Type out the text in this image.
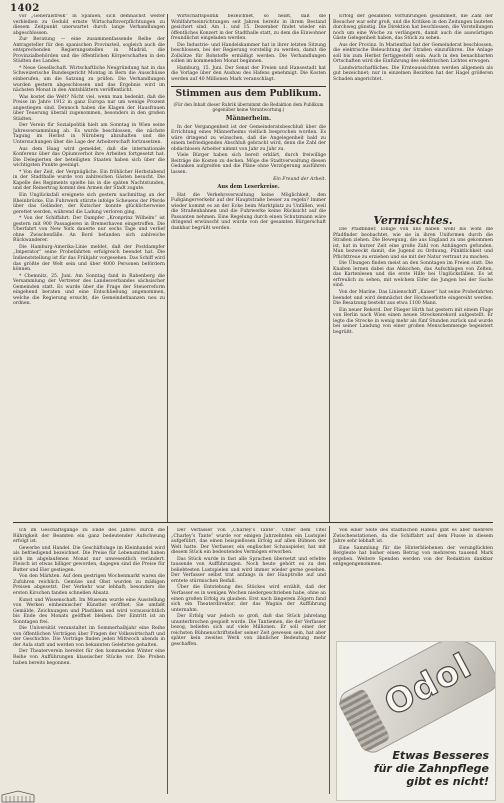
1402

vor „Generalstreik“ in Spanien, sich demnächst weiter verbleiben zu Geduld ernste Wirtschaftsverpflichtungen zu diesem Zeitpunkt unerwartet durch lange Verhandlungen abgeschlossen.

Zur Beratung — eine zusammenfassende Reihe der Antragsteller für den spanischen Provinzteil, sogleich auch die entsprechenden Regierungsstellen in Madrid, die Provinzialbehörden und die öffentlichen Körperschaften in den Städten des Landes.

* Neue Gesellschaft. Wirtschaftliche Neugründung hat in das Schweizerische Bundesgericht Montag in Bern die Ausschüsse einberufen, um die Satzung zu prüfen. Die Verhandlungen wurden gestern abgeschlossen und das Ergebnis wird im nächsten Monat in den Amtsblättern veröffentlicht.

Was kostet die Welt? Nicht viel, wenn man bedenkt, daß die Preise im Jahre 1912 in ganz Europa nur um wenige Prozent angestiegen sind. Dennoch haben die Klagen der Hausfrauen über Teuerung überall zugenommen, besonders in den großen Städten.

Der Verein für Sozialpolitik hielt am Sonntag in Wien seine Jahresversammlung ab. Es wurde beschlossen, die nächste Tagung im Herbst in Nürnberg abzuhalten und die Untersuchungen über die Lage der Arbeiterschaft fortzusetzen.

Aus dem Haag wird gemeldet, daß die internationale Konferenz über das Opiumverbot ihre Arbeiten fortgesetzt hat. Die Delegierten der beteiligten Staaten haben sich über die wichtigsten Punkte geeinigt.

* Von der Zeit, der Vergnügliche. Ein fröhlicher Herbstabend in der Stadthalle wurde von zahlreichen Gästen besucht. Die Kapelle des Regiments spielte bis in die späten Nachtstunden, und der Reinertrag kommt den Armen der Stadt zugute.

Ein Unglücksfall ereignete sich gestern nachmittag an der Rheinbrücke. Ein Fuhrwerk stürzte infolge Scheuens der Pferde über das Geländer; der Kutscher konnte glücklicherweise gerettet werden, während die Ladung verloren ging.

* Von der Schiffahrt. Der Dampfer „Kronprinz Wilhelm“ ist gestern mit 900 Passagieren in Bremerhaven eingetroffen. Die Überfahrt von New York dauerte nur sechs Tage und verlief ohne Zwischenfälle. An Bord befanden sich zahlreiche Rückwanderer.

Die Hamburg-Amerika-Linie meldet, daß der Postdampfer „Imperator“ seine Probefahrten erfolgreich beendet hat. Die Indienststellung ist für das Frühjahr vorgesehen. Das Schiff wird das größte der Welt sein und über 4000 Personen befördern können.

* Chemnitz, 25. Juni. Am Sonntag fand in Rabenberg die Versammlung der Vertreter des Landesverbandes sächsischer Gemeinden statt. Es wurde über die Frage der Steuerreform eingehend beraten und eine Entschließung angenommen, welche die Regierung ersucht, die Gemeindefinanzen neu zu ordnen.

Wirtschaftspolitik bezeichnet, so heißt, daß die Wohlfahrtseinrichtungen seit Jahren bereits in ihrem Bestand gesichert sind. Am 1. und 15. Dezember findet wieder ein öffentliches Konzert in der Stadthalle statt, zu dem die Einwohner freundlichst eingeladen werden.

Die Industrie- und Handelskammer hat in ihrer letzten Sitzung beschlossen, bei der Regierung vorstellig zu werden, damit die Zollsätze für Rohstoffe ermäßigt werden. Die Verhandlungen sollen im kommenden Monat beginnen.

Hamburg, 15. Juni. Der Senat der Freien und Hansestadt hat die Vorlage über den Ausbau des Hafens genehmigt. Die Kosten werden auf 40 Millionen Mark veranschlagt.

Stimmen aus dem Publikum.
(Für den Inhalt dieser Rubrik übernimmt die Redaktion dem Publikum gegenüber keine Verantwortung.)
Männerheim.

In der Vergangenheit ist der Gemeinderatsbeschluß über die Errichtung eines Männerheims vielfach besprochen worden. Es wäre dringend zu wünschen, daß die Angelegenheit bald zu einem befriedigenden Abschluß gebracht wird, denn die Zahl der obdachlosen Arbeiter nimmt von Jahr zu Jahr zu.

Viele Bürger haben sich bereit erklärt, durch freiwillige Beiträge die Kosten zu decken. Möge die Stadtverwaltung diesen Gedanken aufgreifen und die Pläne ohne Verzögerung ausführen lassen.

Ein Freund der Arbeit.
Aus dem Leserkreise.

Hat die Verkehrsverwaltung keine Möglichkeit, den Fußgängerverkehr auf der Hauptstraße besser zu regeln? Immer wieder kommt es an der Ecke beim Marktplatz zu Unfällen, weil die Straßenbahnen und die Fuhrwerke keine Rücksicht auf die Passanten nehmen. Eine Regelung durch einen Schutzmann wäre dringend erwünscht und würde von der gesamten Bürgerschaft dankbar begrüßt werden.

Erfolg der gesamten Vorführungen gesammelt, die Zahl der Besucher war sehr groß, und die Kritiken in den Zeitungen lauteten durchweg günstig. Die Direktion hat beschlossen, die Vorstellungen noch um eine Woche zu verlängern, damit auch die auswärtigen Gäste Gelegenheit haben, das Stück zu sehen.

Aus der Provinz. In Marienthal hat der Gemeinderat beschlossen, die elektrische Beleuchtung der Straßen einzuführen. Die Anlage soll bis zum Herbst fertiggestellt sein. Auch in den benachbarten Ortschaften wird die Einführung des elektrischen Lichtes erwogen.

Landwirtschaftliches. Die Ernteaussichten werden allgemein als gut bezeichnet; nur in einzelnen Bezirken hat der Hagel größeren Schaden angerichtet.

Vermischtes.

Die Pfadfinder. Einige von uns haben wohl bis wohl die Pfadfinder beobachtet, wie sie in ihren Uniformen durch die Straßen ziehen. Die Bewegung, die aus England zu uns gekommen ist, hat in kurzer Zeit eine große Zahl von Anhängern gefunden. Man bezweckt damit, die Jugend zu Ordnung, Pünktlichkeit und Pflichttreue zu erziehen und sie mit der Natur vertraut zu machen.

Die Übungen finden meist an den Sonntagen im Freien statt. Die Knaben lernen dabei das Abkochen, das Aufschlagen von Zelten, das Kartenlesen und die erste Hilfe bei Unglücksfällen. Es ist erfreulich zu sehen, mit welchem Eifer die Jungen bei der Sache sind.

Von der Marine. Das Linienschiff „Kaiser“ hat seine Probefahrten beendet und wird demnächst der Hochseeflotte eingereiht werden. Die Besatzung besteht aus etwa 1100 Mann.

Ein neuer Rekord. Der Flieger Hirth hat gestern mit einem Fluge von Berlin nach Wien einen neuen Streckenrekord aufgestellt. Er legte die Strecke in wenig mehr als fünf Stunden zurück und wurde bei seiner Landung von einer großen Menschenmenge begeistert begrüßt.

Ich im Geschäftsgange zu Ende des Jahres durch die Rührigkeit der Beamten ein ganz bedeutender Aufschwung erfolgt ist.

Gewerbe und Handel. Die Geschäftslage im Kleinhandel wird als befriedigend bezeichnet. Die Preise für Lebensmittel haben sich im abgelaufenen Monat nur unwesentlich verändert. Fleisch ist etwas billiger geworden, dagegen sind die Preise für Butter und Eier gestiegen.

Von den Märkten. Auf dem gestrigen Wochenmarkt waren die Zufuhren reichlich. Gemüse und Obst wurden zu mäßigen Preisen abgesetzt. Der Verkehr war lebhaft; besonders die ersten Kirschen fanden schnellen Absatz.

Kunst und Wissenschaft. Im Museum wurde eine Ausstellung von Werken einheimischer Künstler eröffnet. Sie umfaßt Gemälde, Zeichnungen und Plastiken und wird voraussichtlich bis Ende des Monats geöffnet bleiben. Der Eintritt ist an Sonntagen frei.

Die Universität veranstaltet im Sommerhalbjahr eine Reihe von öffentlichen Vorträgen über Fragen der Volkswirtschaft und der Geschichte. Die Vorträge finden jeden Mittwoch abends in der Aula statt und werden von bekannten Gelehrten gehalten.

Der Theaterverein bereitet für den kommenden Winter eine Reihe von Aufführungen klassischer Stücke vor. Die Proben haben bereits begonnen.

Der Verfasser von „Charley’s Tante“. Unter dem Titel „Charley’s Tante“ wurde vor einigen Jahrzehnten ein Lustspiel aufgeführt, das einen beispiellosen Erfolg auf allen Bühnen der Welt hatte. Der Verfasser, ein englischer Schauspieler, hat mit diesem Stück ein bedeutendes Vermögen erworben.

Das Stück wurde in fast alle Sprachen übersetzt und erlebte tausende von Aufführungen. Noch heute gehört es zu den beliebtesten Lustspielen und wird immer wieder gerne gesehen. Der Verfasser selbst trat anfangs in der Hauptrolle auf und erntete stürmischen Beifall.

Über die Entstehung des Stückes wird erzählt, daß der Verfasser es in wenigen Wochen niedergeschrieben habe, ohne an einen großen Erfolg zu glauben. Erst nach längerem Zögern fand sich ein Theaterdirektor, der das Wagnis der Aufführung unternahm.

Der Erfolg war jedoch so groß, daß das Stück jahrelang ununterbrochen gespielt wurde. Die Tantiemen, die der Verfasser bezog, beliefen sich auf viele Millionen. Er soll einer der reichsten Bühnenschriftsteller seiner Zeit gewesen sein, hat aber später kein zweites Werk von ähnlicher Bedeutung mehr geschaffen.

Von einer Seite des städtischen Hafens gibt es aber mehrere Zwischenstationen, da die Schiffahrt auf dem Flusse in diesem Jahre sehr lebhaft ist.

Eine Sammlung für die Hinterbliebenen der verunglückten Bergleute hat bisher einen Betrag von mehreren tausend Mark ergeben. Weitere Spenden werden von der Redaktion dankbar entgegengenommen.

Odol
Etwas Besseres
für die Zahnpflege
gibt es nicht!
